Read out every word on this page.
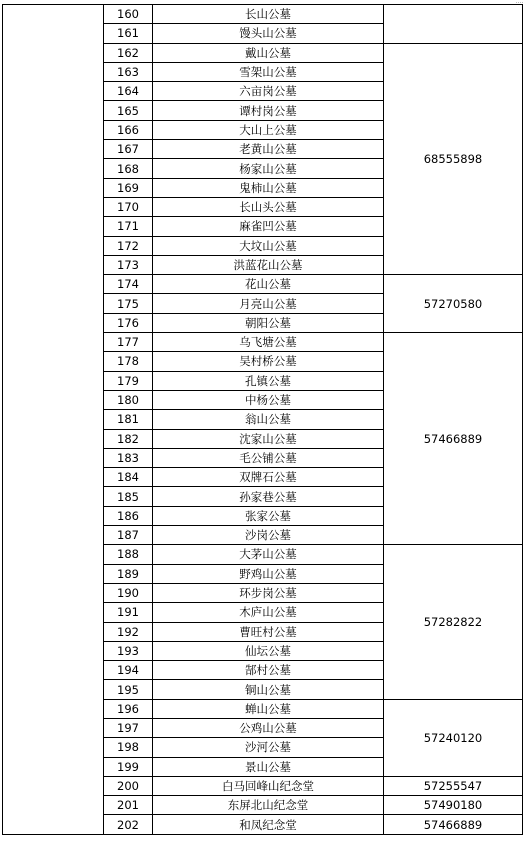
	160	长山公墓	
	161	馒头山公墓	
	162	戴山公墓	68555898
	163	雪架山公墓	
	164	六亩岗公墓	
	165	谭村岗公墓	
	166	大山上公墓	
	167	老黄山公墓	
	168	杨家山公墓	
	169	鬼柿山公墓	
	170	长山头公墓	
	171	麻雀凹公墓	
	172	大坟山公墓	
	173	洪蓝花山公墓	
	174	花山公墓	57270580
	175	月亮山公墓	
	176	朝阳公墓	
	177	乌飞塘公墓	57466889
	178	吴村桥公墓	
	179	孔镇公墓	
	180	中杨公墓	
	181	翁山公墓	
	182	沈家山公墓	
	183	毛公铺公墓	
	184	双牌石公墓	
	185	孙家巷公墓	
	186	张家公墓	
	187	沙岗公墓	
	188	大茅山公墓	57282822
	189	野鸡山公墓	
	190	环步岗公墓	
	191	木庐山公墓	
	192	曹旺村公墓	
	193	仙坛公墓	
	194	郜村公墓	
	195	铜山公墓	
	196	蝉山公墓	57240120
	197	公鸡山公墓	
	198	沙河公墓	
	199	景山公墓	
	200	白马回峰山纪念堂	57255547
	201	东屏北山纪念堂	57490180
	202	和凤纪念堂	57466889
